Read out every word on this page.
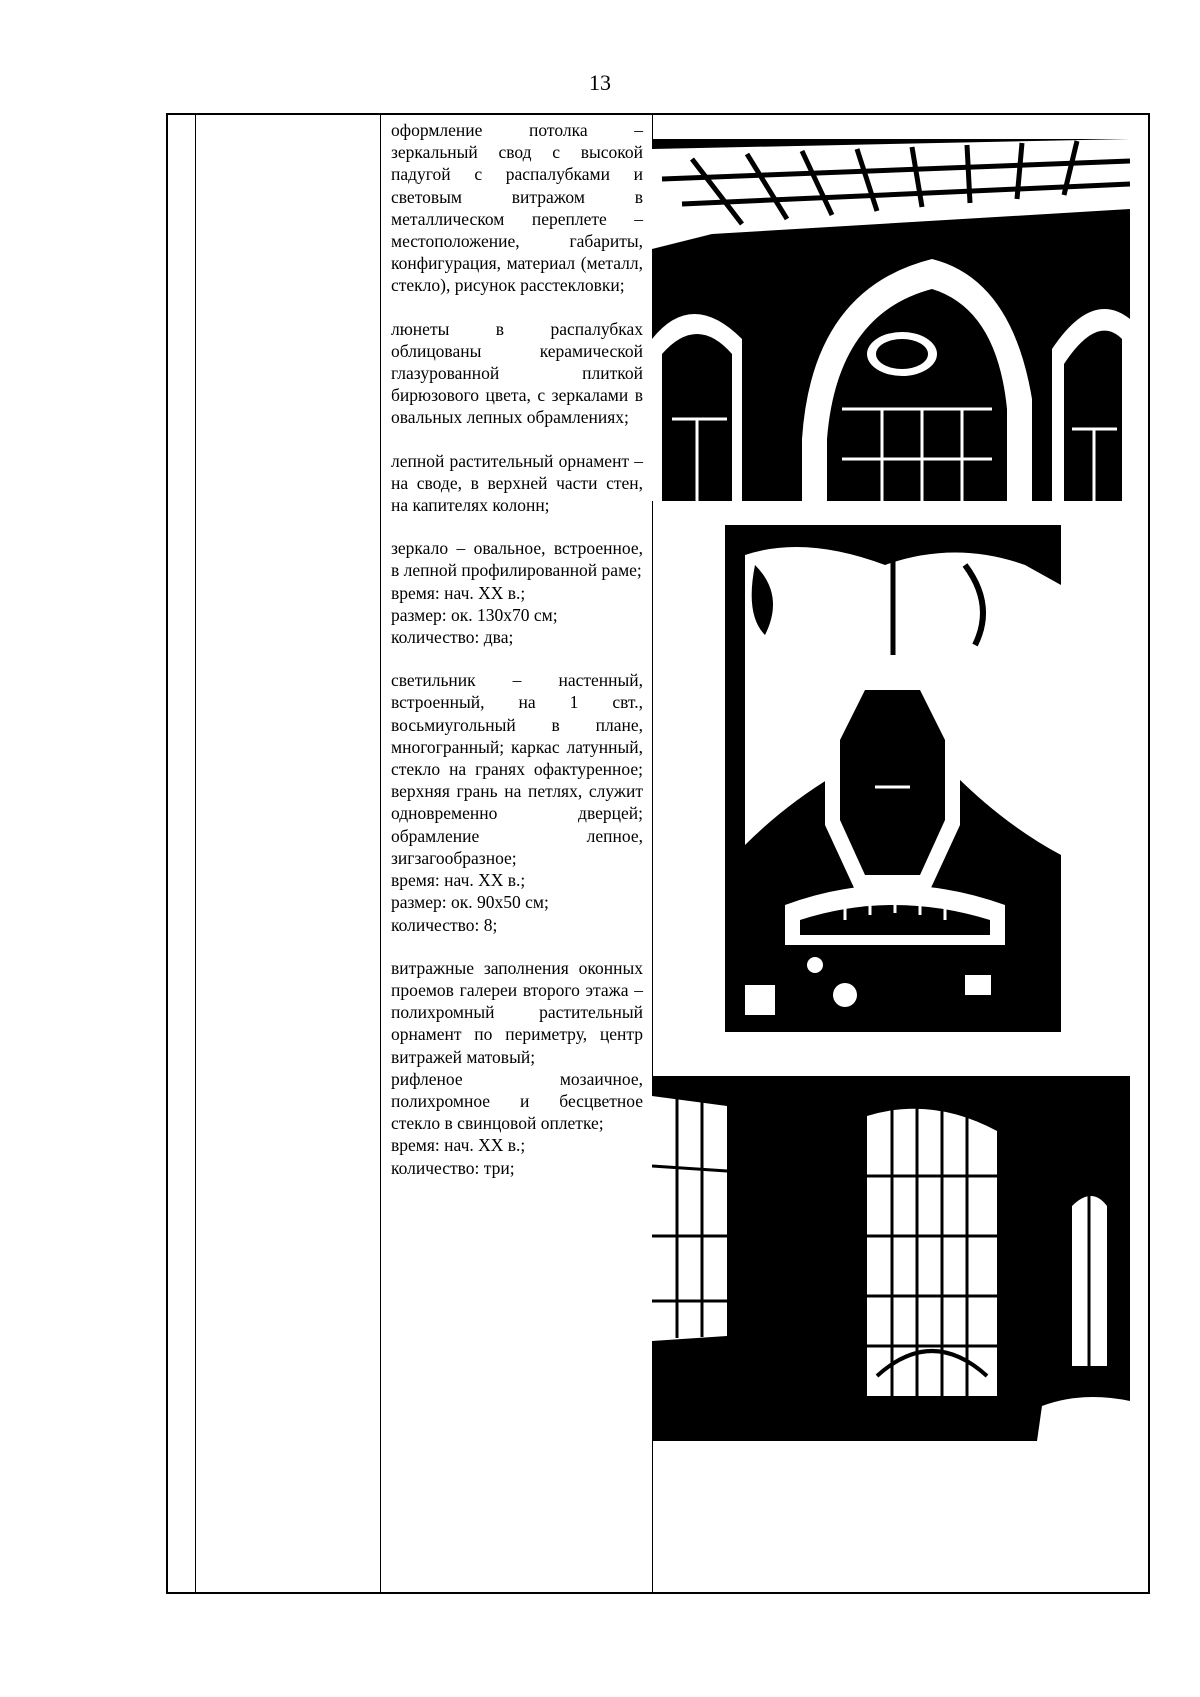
13

оформление потолка – зеркальный свод с высокой падугой с распалубками и световым витражом в металлическом переплете – местоположение, габариты, конфигурация, материал (металл, стекло), рисунок расстекловки;

люнеты в распалубках облицованы керамической глазурованной плиткой бирюзового цвета, с зеркалами в овальных лепных обрамлениях;

лепной растительный орнамент – на своде, в верхней части стен, на капителях колонн;

зеркало – овальное, встроенное, в лепной профилированной раме;
время: нач. XX в.;
размер: ок. 130х70 см;
количество: два;

светильник – настенный, встроенный, на 1 свт., восьмиугольный в плане, многогранный; каркас латунный, стекло на гранях офактуренное; верхняя грань на петлях, служит одновременно дверцей; обрамление лепное, зигзагообразное;
время: нач. XX в.;
размер: ок. 90х50 см;
количество: 8;

витражные заполнения оконных проемов галереи второго этажа – полихромный растительный орнамент по периметру, центр витражей матовый;
рифленое мозаичное, полихромное и бесцветное стекло в свинцовой оплетке;
время: нач. XX в.;
количество: три;
